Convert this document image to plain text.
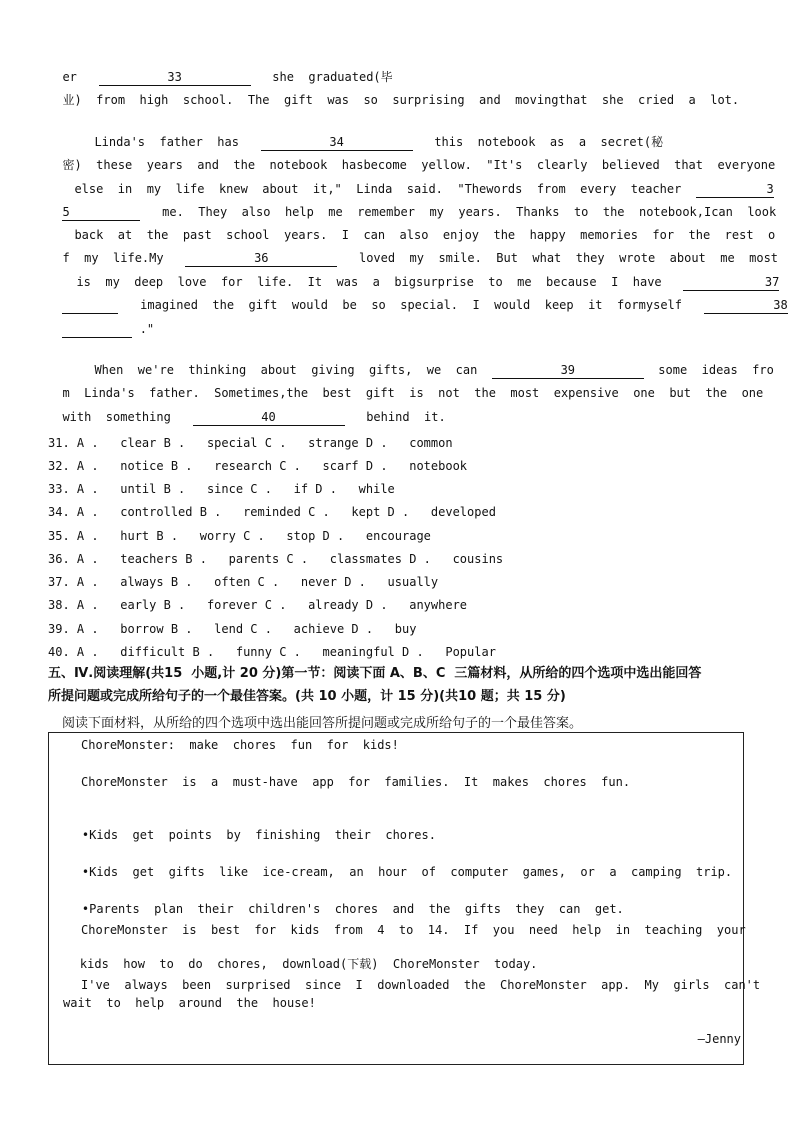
er	33	she  graduated(毕

业)  from  high  school.  The  gift  was  so  surprising  and  movingthat  she  cried  a  lot.

Linda's  father  has	34	this  notebook  as  a  secret(秘

密)  these  years  and  the  notebook  hasbecome  yellow.  "It's  clearly  believed  that  everyone

else  in  my  life  knew  about  it,"  Linda  said.  "Thewords  from  every  teacher	3

5	me.  They  also  help  me  remember  my  years.  Thanks  to  the  notebook,Ican  look

back  at  the  past  school  years.  I  can  also  enjoy  the  happy  memories  for  the  rest  o

f  my  life.My	36	loved  my  smile.  But  what  they  wrote  about  me  most

is  my  deep  love  for  life.  It  was  a  bigsurprise  to  me  because  I  have	37

imagined  the  gift  would  be  so  special.  I  would  keep  it  formyself	38

."

When  we're  thinking  about  giving  gifts,  we  can	39	some  ideas  fro

m  Linda's  father.  Sometimes,the  best  gift  is  not  the  most  expensive  one  but  the  one

with  something	40	behind  it.

31. A .   clear B .   special C .   strange D .   common
32. A .   notice B .   research C .   scarf D .   notebook
33. A .   until B .   since C .   if D .   while
34. A .   controlled B .   reminded C .   kept D .   developed
35. A .   hurt B .   worry C .   stop D .   encourage
36. A .   teachers B .   parents C .   classmates D .   cousins
37. A .   always B .   often C .   never D .   usually
38. A .   early B .   forever C .   already D .   anywhere
39. A .   borrow B .   lend C .   achieve D .   buy
40. A .   difficult B .   funny C .   meaningful D .   Popular
五、Ⅳ.阅读理解(共15  小题,计 20 分)第一节：阅读下面 A、B、C  三篇材料，从所给的四个选项中选出能回答
所提问题或完成所给句子的一个最佳答案。(共 10 小题，计 15 分)(共10 题；共 15 分)
阅读下面材料，从所给的四个选项中选出能回答所提问题或完成所给句子的一个最佳答案。
ChoreMonster:  make  chores  fun  for  kids!
ChoreMonster  is  a  must-have  app  for  families.  It  makes  chores  fun.

•Kids  get  points  by  finishing  their  chores.

•Kids  get  gifts  like  ice-cream,  an  hour  of  computer  games,  or  a  camping  trip.

•Parents  plan  their  children's  chores  and  the  gifts  they  can  get.

ChoreMonster  is  best  for  kids  from  4  to  14.  If  you  need  help  in  teaching  your

kids  how  to  do  chores,  download(下载)  ChoreMonster  today.

I've  always  been  surprised  since  I  downloaded  the  ChoreMonster  app.  My  girls  can't
wait  to  help  around  the  house!
—Jenny
